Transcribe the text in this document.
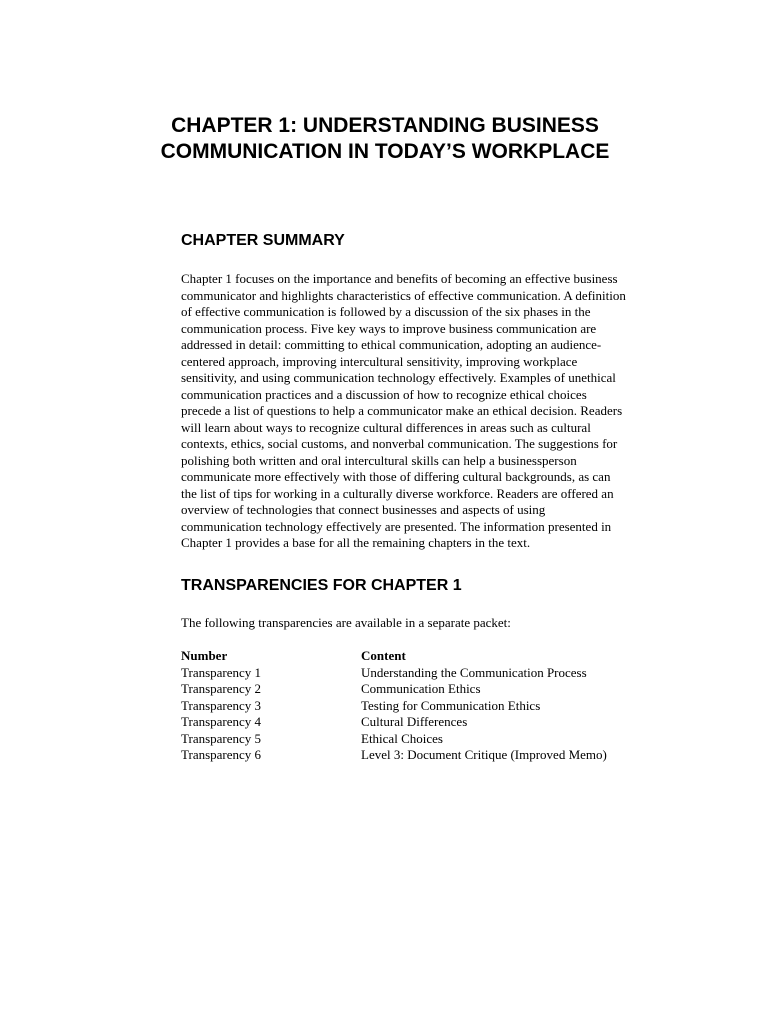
CHAPTER 1: UNDERSTANDING BUSINESS COMMUNICATION IN TODAY’S WORKPLACE
CHAPTER SUMMARY
Chapter 1 focuses on the importance and benefits of becoming an effective business
communicator and highlights characteristics of effective communication. A definition
of effective communication is followed by a discussion of the six phases in the
communication process. Five key ways to improve business communication are
addressed in detail: committing to ethical communication, adopting an audience-
centered approach, improving intercultural sensitivity, improving workplace
sensitivity, and using communication technology effectively. Examples of unethical
communication practices and a discussion of how to recognize ethical choices
precede a list of questions to help a communicator make an ethical decision. Readers
will learn about ways to recognize cultural differences in areas such as cultural
contexts, ethics, social customs, and nonverbal communication. The suggestions for
polishing both written and oral intercultural skills can help a businessperson
communicate more effectively with those of differing cultural backgrounds, as can
the list of tips for working in a culturally diverse workforce. Readers are offered an
overview of technologies that connect businesses and aspects of using
communication technology effectively are presented. The information presented in
Chapter 1 provides a base for all the remaining chapters in the text.
TRANSPARENCIES FOR CHAPTER 1

The following transparencies are available in a separate packet:

Number	Content
Transparency 1	Understanding the Communication Process
Transparency 2	Communication Ethics
Transparency 3	Testing for Communication Ethics
Transparency 4	Cultural Differences
Transparency 5	Ethical Choices
Transparency 6	Level 3: Document Critique (Improved Memo)
